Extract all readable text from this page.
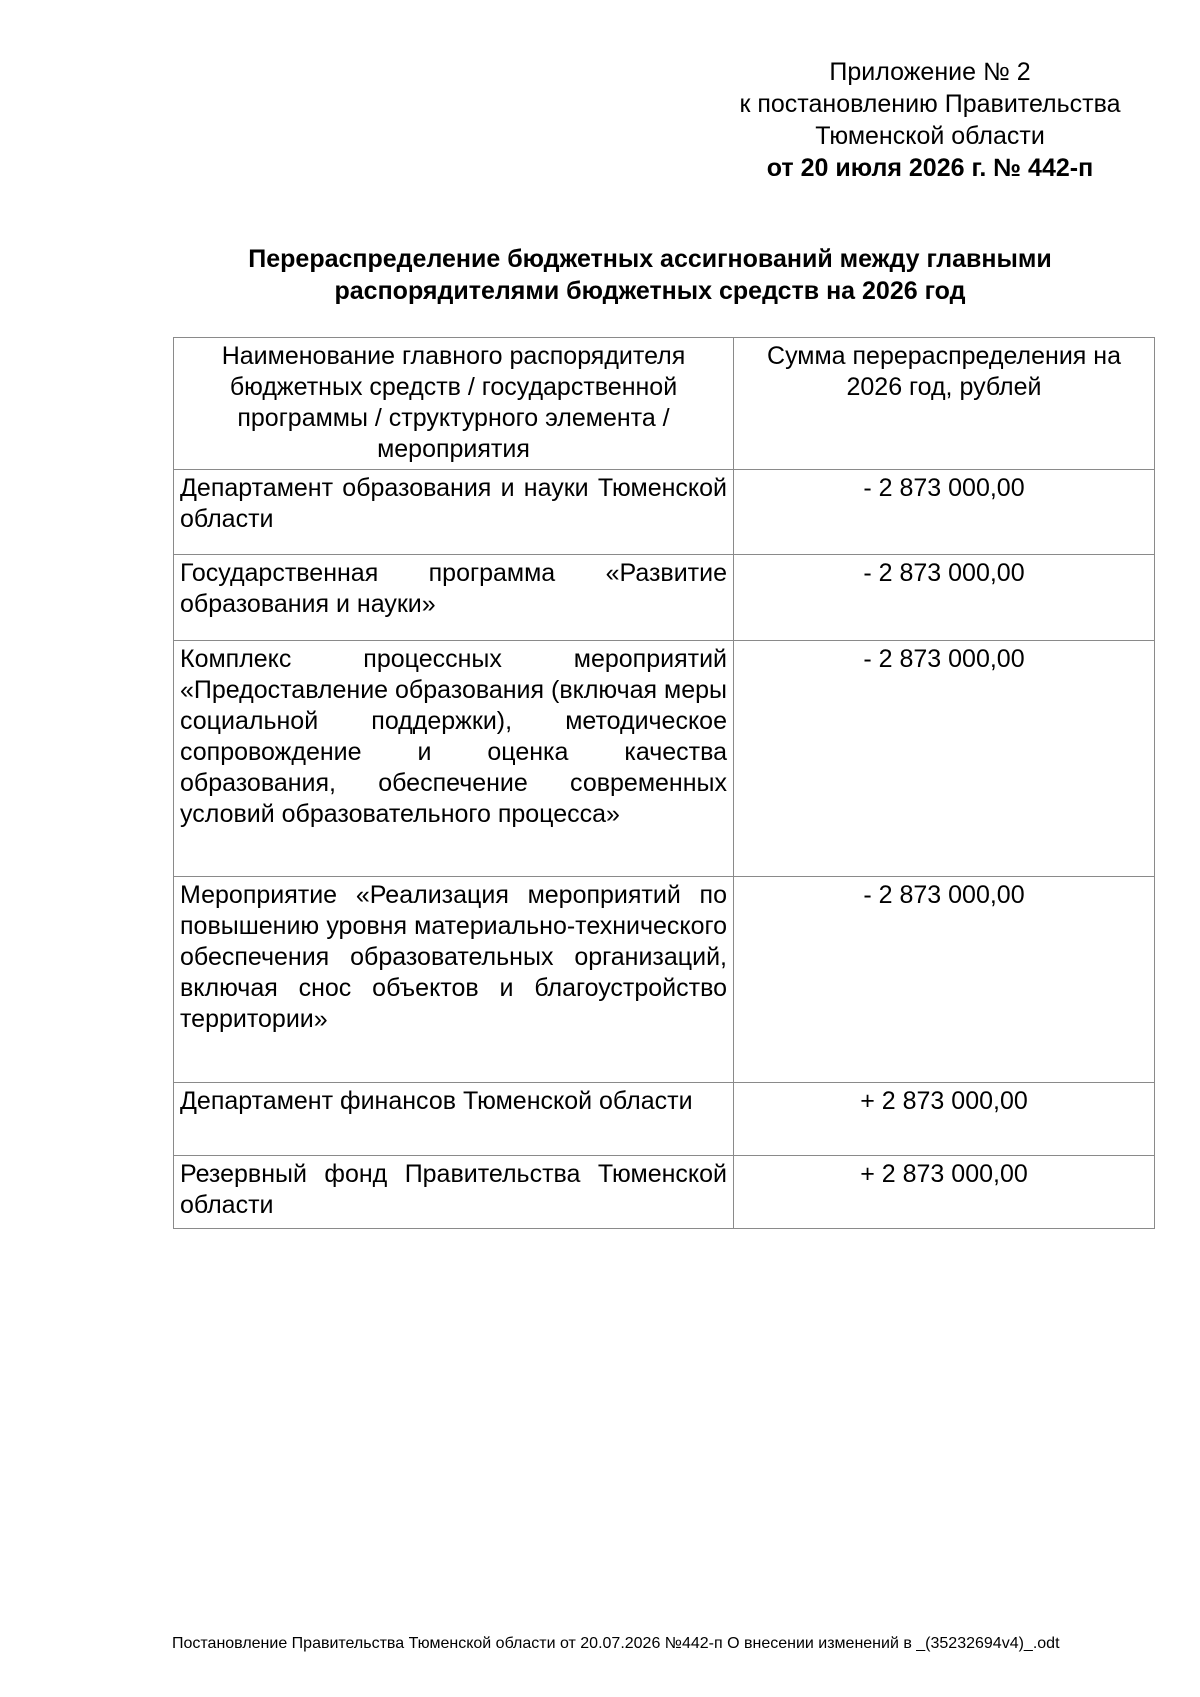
Приложение № 2
к постановлению Правительства
Тюменской области
от 20 июля 2026 г. № 442-п
Перераспределение бюджетных ассигнований между главными
распорядителями бюджетных средств на 2026 год
Наименование главного распорядителя бюджетных средств / государственной программы / структурного элемента / мероприятия	Сумма перераспределения на 2026 год, рублей
Департамент образования и науки Тюменской области	- 2 873 000,00
Государственная программа «Развитие образования и науки»	- 2 873 000,00
Комплекс процессных мероприятий «Предоставление образования (включая меры социальной поддержки), методическое сопровождение и оценка качества образования, обеспечение современных условий образовательного процесса»	- 2 873 000,00
Мероприятие «Реализация мероприятий по повышению уровня материально-технического обеспечения образовательных организаций, включая снос объектов и благоустройство территории»	- 2 873 000,00
Департамент финансов Тюменской области	+ 2 873 000,00
Резервный фонд Правительства Тюменской области	+ 2 873 000,00
Постановление Правительства Тюменской области от 20.07.2026 №442-п О внесении изменений в _(35232694v4)_.odt
